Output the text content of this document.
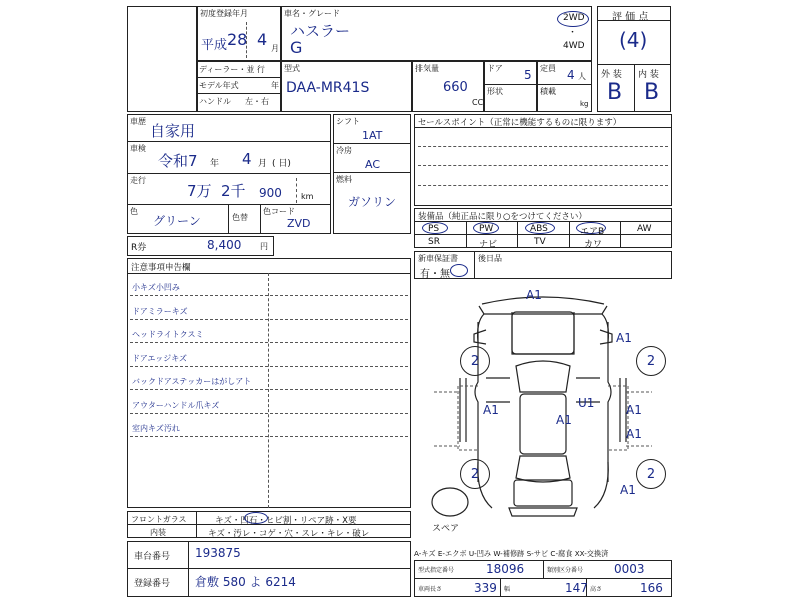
初度登録年月
平成 28 4 月
車名・グレード
ハスラー
G
2WD
・
4WD
評 価 点
(4)
外 装 内 装
B B
ディーラー・並 行
モデル年式	年
ハンドル 左・右
型式
DAA-MR41S
排気量
660
CC
ドア 5
形状
定員 4 人
積載
kg
車歴
自家用
車検
令和7 年 4 月 ( 日)
走行
7万 2千 900 km
色
グリーン	色替
色コード
ZVD
シフト
1AT
冷房
AC
燃料
ガソリン
セールスポイント（正常に機能するものに限ります）
装備品（純正品に限り○をつけてください）
PS	PW	ABS	エアB	AW
SR	ナビ	TV	カワ
R券	8,400 円
新車保証書
有・無
後日品
注意事項申告欄
小キズ小凹み
ドアミラーキズ
ヘッドライトクスミ
ドアエッジキズ
バックドアステッカーはがしアト
アウターハンドル爪キズ
室内キズ汚れ
フロントガラス	キズ・凹石・ヒビ割・リペア跡・X要
内装	キズ・汚レ・コゲ・穴・スレ・キレ・破レ
車台番号 193875
登録番号 倉敷 580 よ 6214
A-キズ E-エクボ U-凹み W-補修跡 S-サビ C-腐食 XX-交換済
型式指定番号	18096	類別区分番号	0003
車両長さ	339 幅	147 高さ	166
スペア
A1
A1
A1	U1
A1
A1
A1
A1
2	2
2	2
